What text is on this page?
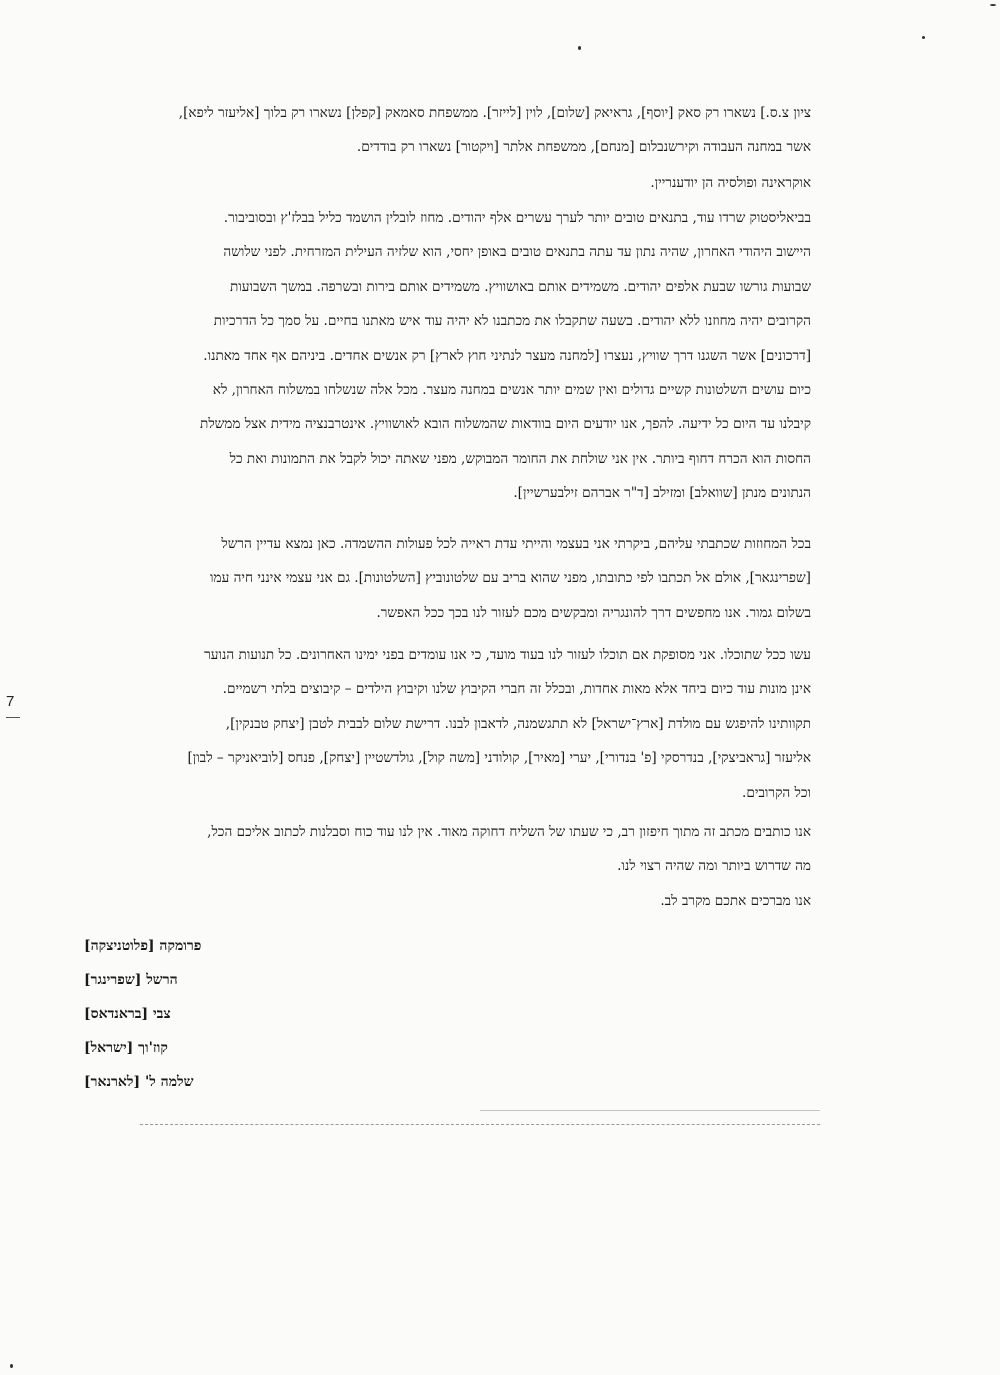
7
ציון צ.ס.] נשארו רק סאק [יוסף], גראיאק [שלום], לוין [לייזר]. ממשפחת סאמאק [קפלן] נשארו רק בלוך [אליעזר ליפא],
אשר במחנה העבודה וקירשנבלום [מנחם], ממשפחת אלתר [ויקטור] נשארו רק בודדים.
אוקראינה ופולסיה הן יודענריין.
בביאליסטוק שרדו עוד, בתנאים טובים יותר לערך עשרים אלף יהודים. מחוז לובלין הושמד כליל בבלז'ץ ובסוביבור.
היישוב היהודי האחרון, שהיה נתון עד עתה בתנאים טובים באופן יחסי, הוא שלזיה העילית המזרחית. לפני שלושה
שבועות גורשו שבעת אלפים יהודים. משמידים אותם באושוויץ. משמידים אותם בירות ובשרפה. במשך השבועות
הקרובים יהיה מחוזנו ללא יהודים. בשעה שתקבלו את מכתבנו לא יהיה עוד איש מאתנו בחיים. על סמך כל הדרכיות
[דרכונים] אשר השגנו דרך שוויץ, נעצרו [למחנה מעצר לנתיני חוץ לארץ] רק אנשים אחדים. ביניהם אף אחד מאתנו.
כיום עושים השלטונות קשיים גדולים ואין שמים יותר אנשים במחנה מעצר. מכל אלה שנשלחו במשלוח האחרון, לא
קיבלנו עד היום כל ידיעה. להפך, אנו יודעים היום בוודאות שהמשלוח הובא לאושוויץ. אינטרבנציה מידית אצל ממשלת
החסות הוא הכרח דחוף ביותר. אין אני שולחת את החומר המבוקש, מפני שאתה יכול לקבל את התמונות ואת כל
הנתונים מנתן [שוואלב] ומזילב [ד"ר אברהם זילבערשיין].
בכל המחוזות שכתבתי עליהם, ביקרתי אני בעצמי והייתי עדת ראייה לכל פעולות ההשמדה. כאן נמצא עדיין הרשל
[שפרינגאר], אולם אל תכתבו לפי כתובתו, מפני שהוא בריב עם שלטונוביץ [השלטונות]. גם אני עצמי אינני חיה עמו
בשלום גמור. אנו מחפשים דרך להונגריה ומבקשים מכם לעזור לנו בכך ככל האפשר.
עשו ככל שתוכלו. אני מסופקת אם תוכלו לעזור לנו בעוד מועד, כי אנו עומדים בפני ימינו האחרונים. כל תנועות הנוער
אינן מונות עוד כיום ביחד אלא מאות אחדות, ובכלל זה חברי הקיבוץ שלנו וקיבוץ הילדים – קיבוצים בלתי רשמיים.
תקוותינו להיפגש עם מולדת [ארץ־ישראל] לא תתגשמנה, לדאבון לבנו. דרישת שלום לבבית לטבן [יצחק טבנקין],
אליעזר [גראביצקי], בנדרסקי [פ' בנדורי], יערי [מאיר], קולודני [משה קול], גולדשטיין [יצחק], פנחס [לוביאניקר – לבון]
וכל הקרובים.
אנו כותבים מכתב זה מתוך חיפזון רב, כי שעתו של השליח דחוקה מאוד. אין לנו עוד כוח וסבלנות לכתוב אליכם הכל,
מה שדרוש ביותר ומה שהיה רצוי לנו.
אנו מברכים אתכם מקרב לב.
פרומקה [פלוטניצקה]
הרשל [שפרינגר]
צבי [בראנדאס]
קוז'וך [ישראל]
שלמה ל' [לארנאר]
